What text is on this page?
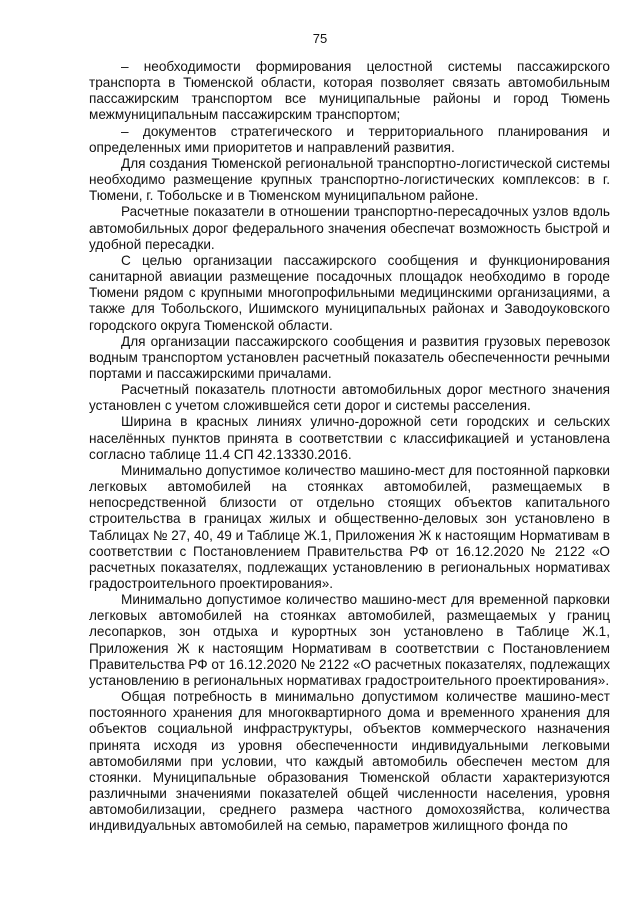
75

– необходимости формирования целостной системы пассажирского транспорта в Тюменской области, которая позволяет связать автомобильным пассажирским транспортом все муниципальные районы и город Тюмень межмуниципальным пассажирским транспортом;

– документов стратегического и территориального планирования и определенных ими приоритетов и направлений развития.

Для создания Тюменской региональной транспортно-логистической системы необходимо размещение крупных транспортно-логистических комплексов: в г. Тюмени, г. Тобольске и в Тюменском муниципальном районе.

Расчетные показатели в отношении транспортно-пересадочных узлов вдоль автомобильных дорог федерального значения обеспечат возможность быстрой и удобной пересадки.

С целью организации пассажирского сообщения и функционирования санитарной авиации размещение посадочных площадок необходимо в городе Тюмени рядом с крупными многопрофильными медицинскими организациями, а также для Тобольского, Ишимского муниципальных районах и Заводоуковского городского округа Тюменской области.

Для организации пассажирского сообщения и развития грузовых перевозок водным транспортом установлен расчетный показатель обеспеченности речными портами и пассажирскими причалами.

Расчетный показатель плотности автомобильных дорог местного значения установлен с учетом сложившейся сети дорог и системы расселения.

Ширина в красных линиях улично-дорожной сети городских и сельских населённых пунктов принята в соответствии с классификацией и установлена согласно таблице 11.4 СП 42.13330.2016.

Минимально допустимое количество машино-мест для постоянной парковки легковых автомобилей на стоянках автомобилей, размещаемых в непосредственной близости от отдельно стоящих объектов капитального строительства в границах жилых и общественно-деловых зон установлено в Таблицах № 27, 40, 49 и Таблице Ж.1, Приложения Ж к настоящим Нормативам в соответствии с Постановлением Правительства РФ от 16.12.2020 № 2122 «О расчетных показателях, подлежащих установлению в региональных нормативах градостроительного проектирования».

Минимально допустимое количество машино-мест для временной парковки легковых автомобилей на стоянках автомобилей, размещаемых у границ лесопарков, зон отдыха и курортных зон установлено в Таблице Ж.1, Приложения Ж к настоящим Нормативам в соответствии с Постановлением Правительства РФ от 16.12.2020 № 2122 «О расчетных показателях, подлежащих установлению в региональных нормативах градостроительного проектирования».

Общая потребность в минимально допустимом количестве машино-мест постоянного хранения для многоквартирного дома и временного хранения для объектов социальной инфраструктуры, объектов коммерческого назначения принята исходя из уровня обеспеченности индивидуальными легковыми автомобилями при условии, что каждый автомобиль обеспечен местом для стоянки. Муниципальные образования Тюменской области характеризуются различными значениями показателей общей численности населения, уровня автомобилизации, среднего размера частного домохозяйства, количества индивидуальных автомобилей на семью, параметров жилищного фонда по
